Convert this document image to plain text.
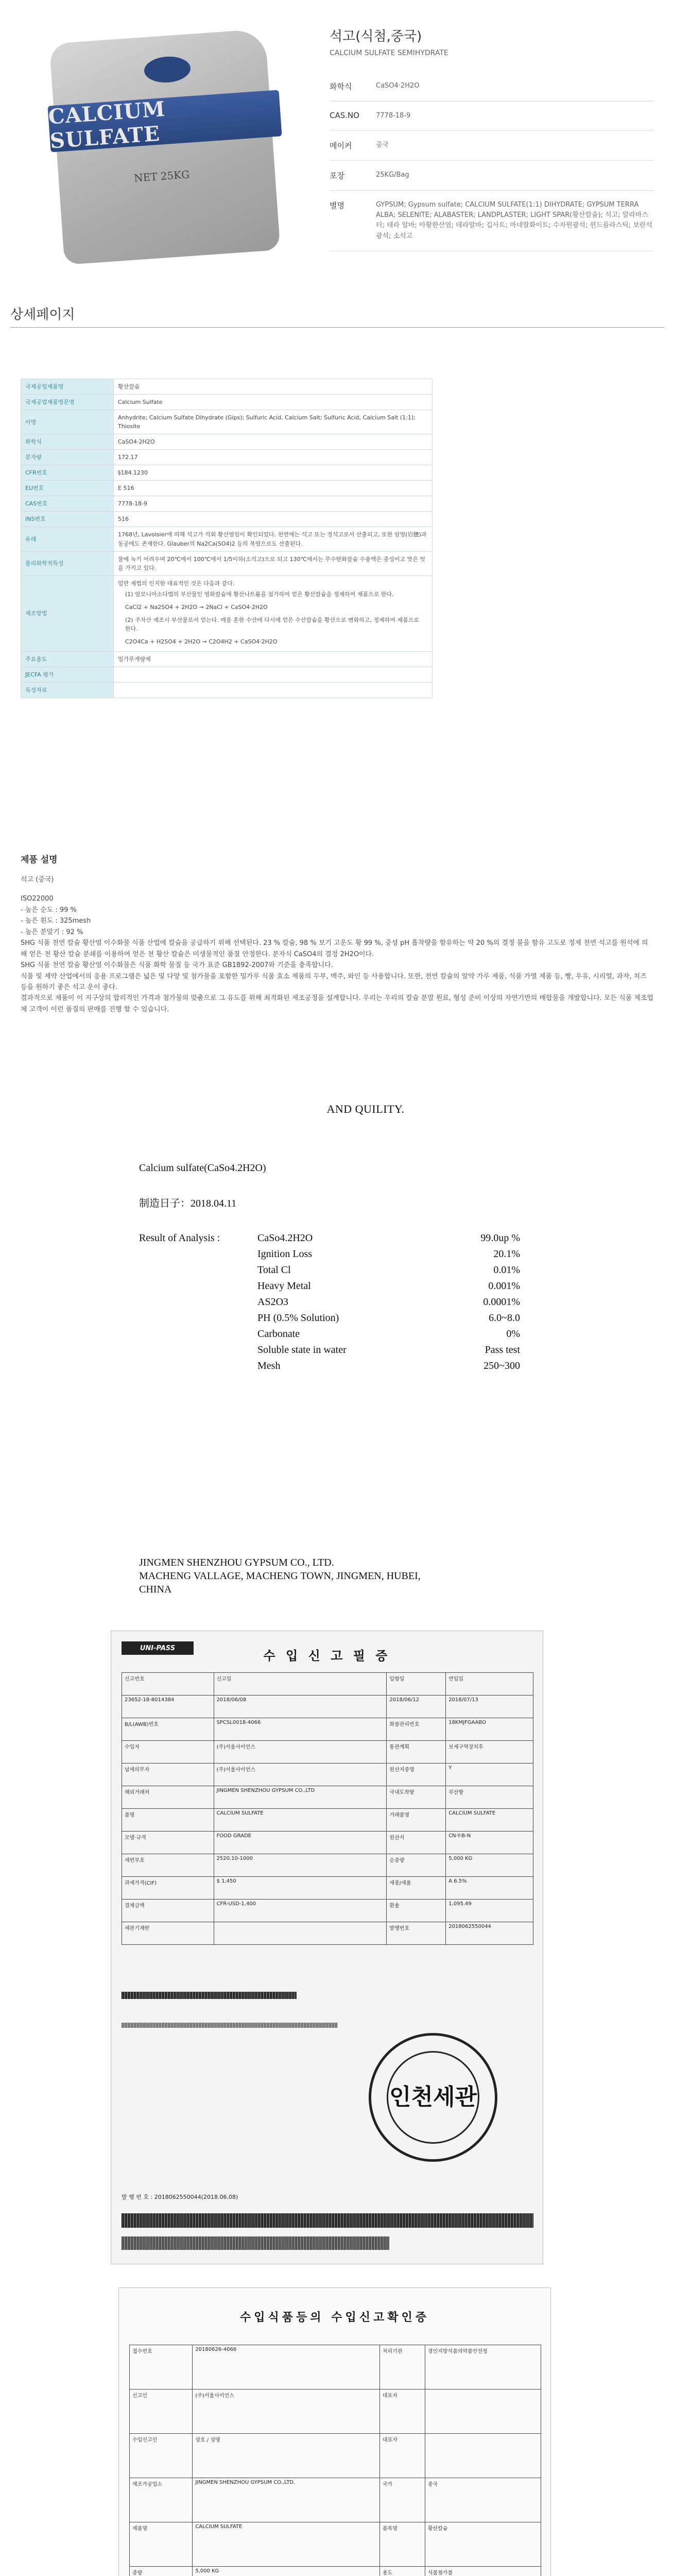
CALCIUM SULFATE
NET 25KG
석고(식첨,중국)
CALCIUM SULFATE SEMIHYDRATE
화학식	CaSO4·2H2O
CAS.NO	7778-18-9
메이커	중국
포장	25KG/Bag
별명	GYPSUM; Gypsum sulfate; CALCIUM SULFATE(1:1) DIHYDRATE; GYPSUM TERRA ALBA; SELENITE; ALABASTER; LANDPLASTER; LIGHT SPAR(황산칼슘); 석고; 알라바스터; 테라 알바; 아황한산염; 테라알바; 깁사트; 마네랄화이트; 수자원광석; 윈드플라스틱; 보란석광석; 소석고
상세페이지
국제공업제품명	황산칼슘

국제공업제품영문명	Calcium Sulfate

이명	Anhydrite; Calcium Sulfate Dihydrate (Gips); Sulfuric Acid, Calcium Salt; Sulfuric Acid, Calcium Salt (1:1); Thiosite

화학식	CaSO4·2H2O

분자량	172.17

CFR번호	§184.1230

EU번호	E 516

CAS번호	7778-18-9

INS번호	516

유래	1768년, Lavoisier에 의해 석고가 석회 황산염임이 확인되었다. 천연에는 석고 또는 경석고로서 산출되고, 또한 암염(岩鹽)과 동공에도 존재한다. Glauber의 Na2Ca(SO4)2 등의 복염으로도 산출된다.

물리화학적특성	물에 녹기 어려우며 20℃에서 100℃에서 1/5이하(소석고)으로 되고 130℃에서는 무수탄화칼슘 수용액은 중성이고 맛은 엇을 가지고 있다.

제조방법	일반 제법의 인지한 대표적인 것은 다음과 같다.
(1) 암모니아소다법의 부산물인 염화칼슘에 황산나트륨을 첨가하여 얻은 황산칼슘을 정제하여 제품으로 한다.
CaCl2 + Na2SO4 + 2H2O → 2NaCl + CaSO4·2H2O
(2) 주자산 제조시 부산물로서 얻는다. 매를 혼한 수산에 다시에 얻은 수산칼슘을 황산으로 변화하고, 정제하여 제품으로 한다.
C2O4Ca + H2SO4 + 2H2O → C2O4H2 + CaSO4·2H2O

주요용도	밀가루개량제

JECFA 평가	

독성자료	
제품 설명

석고 (중국)

ISO22000

- 높은 순도 : 99 %

- 높은 흰도 : 325mesh

- 높은 분말기 : 92 %

SHG 식품 천연 칼슘 황산염 이수화물 식품 산업에 칼슘을 공급하기 위해 선택된다. 23 % 칼슘, 98 % 보기 고운도 황 99 %, 중성 pH 흡착량을 함유하는 약 20 %의 결정 불을 함유 고도로 정제 천연 석고를 원석에 의해 얻은 천 황산 칼슘 분쇄를 이용하여 얻은 천 황산 칼슘은 미생물적인 품질 안정한다. 분자식 CaSO4의 결정 2H2O이다.

SHG 식품 천연 칼슘 황산염 이수화물은 식품 화학 물질 등 국가 표준 GB1892-2007와 기준을 충족합니다.

식품 및 제약 산업에서의 응용 프로그램은 넓은 및 다양 및 첨가물을 포함한 밀가루 식품 효소 제품의 두부, 맥주, 와인 등 사용합니다. 또한, 천연 칼슘의 알약 가루 제품, 식품 가열 제품 등, 빵, 우유, 시리얼, 과자, 치즈 등을 원하기 좋은 석고 운이 좋다.

결과적으로 제품이 이 지구상의 합리적인 가격과 첨가물의 맞춤으로 그 유도를 위해 최적화된 제조공정을 설계합니다. 우리는 우리의 칼슘 분말 원료, 형성 준비 이상의 자연기반의 배합물을 개발합니다. 모든 식품 제조업체 고객이 이런 품질의 판매를 진행 할 수 있습니다.

AND QUILITY.
Calcium sulfate(CaSo4.2H2O)
制造日子：2018.04.11
Result of Analysis :	CaSo4.2H2O	99.0up %
Ignition Loss	20.1%
Total Cl	0.01%
Heavy Metal	0.001%
AS2O3	0.0001%
PH (0.5% Solution)	6.0~8.0
Carbonate	0%
Soluble state in water	Pass test
Mesh	250~300
JINGMEN SHENZHOU GYPSUM CO., LTD.
MACHENG VALLAGE, MACHENG TOWN, JINGMEN, HUBEI,
CHINA
UNI-PASS
수 입 신 고 필 증
신고번호	신고일	입항일	반입일
23652-18-8014384	2018/06/08	2018/06/12	2018/07/13
B/L(AWB)번호	SPCSL0018-4066	화물관리번호	18KMJFGAABO
수입자	(주)서울사이언스	통관계획	보세구역장치후
납세의무자	(주)서울사이언스	원산지증명	Y
해외거래처	JINGMEN SHENZHOU GYPSUM CO.,LTD	국내도착항	부산항
품명	CALCIUM SULFATE	거래품명	CALCIUM SULFATE
모델·규격	FOOD GRADE	원산지	CN-Y-B-N
세번부호	2520.10-1000	순중량	5,000 KG
과세가격(CIF)	$ 1,450	세종/세율	A 6.5%
결제금액	CFR-USD-1,400	환율	1,095.49
세관기재란		발행번호	2018062550044
인천 세관
발 행 번 호 : 2018062550044(2018.06.08)
수입식품등의 수입신고확인증
접수번호	20180626-4066	처리기관	경인지방식품의약품안전청
신고인	(주)서울사이언스	대표자	
수입신고인	상호 / 성명	대표자	
제조가공업소	JINGMEN SHENZHOU GYPSUM CO.,LTD.	국가	중국
제품명	CALCIUM SULFATE	품목명	황산칼슘
중량	5,000 KG	용도	식품첨가물
